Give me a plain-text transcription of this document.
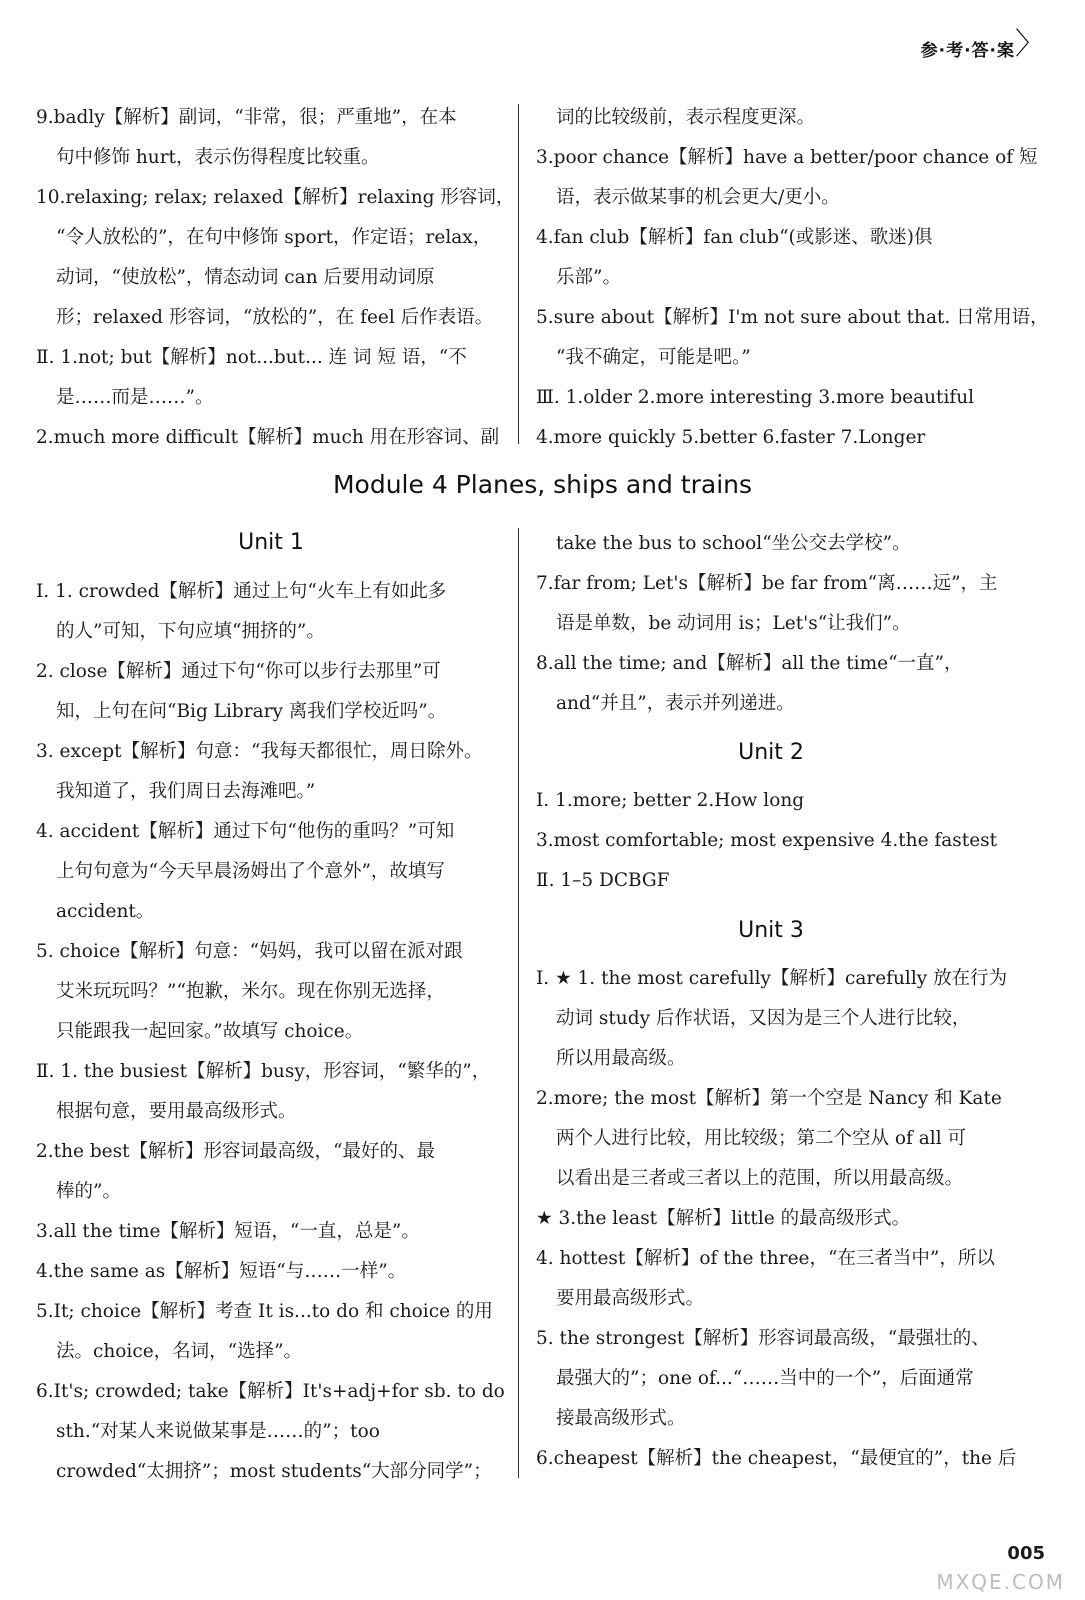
参·考·答·案 〉

9.badly【解析】副词，“非常，很；严重地”，在本

句中修饰 hurt，表示伤得程度比较重。

10.relaxing; relax; relaxed【解析】relaxing 形容词，

“令人放松的”，在句中修饰 sport，作定语；relax，

动词，“使放松”，情态动词 can 后要用动词原

形；relaxed 形容词，“放松的”，在 feel 后作表语。

Ⅱ. 1.not; but【解析】not...but... 连 词 短 语，“不

是……而是……”。

2.much more difficult【解析】much 用在形容词、副

词的比较级前，表示程度更深。

3.poor chance【解析】have a better/poor chance of 短

语，表示做某事的机会更大/更小。

4.fan club【解析】fan club“(或影迷、歌迷)俱

乐部”。

5.sure about【解析】I'm not sure about that. 日常用语，

“我不确定，可能是吧。”

Ⅲ. 1.older 2.more interesting 3.more beautiful

4.more quickly 5.better 6.faster 7.Longer

Module 4 Planes, ships and trains
Unit 1

Ⅰ. 1. crowded【解析】通过上句“火车上有如此多

的人”可知，下句应填“拥挤的”。

2. close【解析】通过下句“你可以步行去那里”可

知，上句在问“Big Library 离我们学校近吗”。

3. except【解析】句意：“我每天都很忙，周日除外。

我知道了，我们周日去海滩吧。”

4. accident【解析】通过下句“他伤的重吗？”可知

上句句意为“今天早晨汤姆出了个意外”，故填写

accident。

5. choice【解析】句意：“妈妈，我可以留在派对跟

艾米玩玩吗？”“抱歉，米尔。现在你别无选择，

只能跟我一起回家。”故填写 choice。

Ⅱ. 1. the busiest【解析】busy，形容词，“繁华的”，

根据句意，要用最高级形式。

2.the best【解析】形容词最高级，“最好的、最

棒的”。

3.all the time【解析】短语，“一直，总是”。

4.the same as【解析】短语“与……一样”。

5.It; choice【解析】考查 It is...to do 和 choice 的用

法。choice，名词，“选择”。

6.It's; crowded; take【解析】It's+adj+for sb. to do

sth.“对某人来说做某事是……的”；too

crowded“太拥挤”；most students“大部分同学”；

take the bus to school“坐公交去学校”。

7.far from; Let's【解析】be far from“离……远”，主

语是单数，be 动词用 is；Let's“让我们”。

8.all the time; and【解析】all the time“一直”，

and“并且”，表示并列递进。

Unit 2

Ⅰ. 1.more; better 2.How long

3.most comfortable; most expensive 4.the fastest

Ⅱ. 1–5 DCBGF

Unit 3

Ⅰ. ★ 1. the most carefully【解析】carefully 放在行为

动词 study 后作状语，又因为是三个人进行比较，

所以用最高级。

2.more; the most【解析】第一个空是 Nancy 和 Kate

两个人进行比较，用比较级；第二个空从 of all 可

以看出是三者或三者以上的范围，所以用最高级。

★ 3.the least【解析】little 的最高级形式。

4. hottest【解析】of the three，“在三者当中”，所以

要用最高级形式。

5. the strongest【解析】形容词最高级，“最强壮的、

最强大的”；one of...“……当中的一个”，后面通常

接最高级形式。

6.cheapest【解析】the cheapest，“最便宜的”，the 后

005
MXQE.COM
